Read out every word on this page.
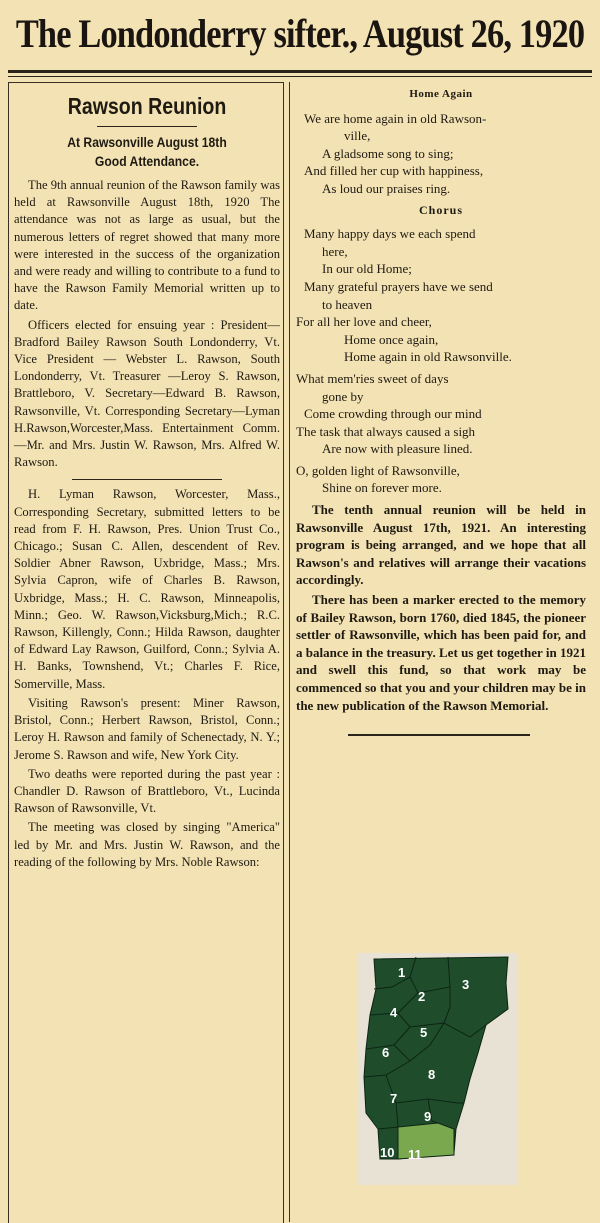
The Londonderry sifter., August 26, 1920
Rawson Reunion
At Rawsonville August 18th
Good Attendance.

The 9th annual reunion of the Rawson family was held at Rawsonville August 18th, 1920 The attendance was not as large as usual, but the numerous letters of regret showed that many more were interested in the success of the organization and were ready and willing to contribute to a fund to have the Rawson Family Memorial written up to date.

Officers elected for ensuing year : President—Bradford Bailey Rawson South Londonderry, Vt. Vice President — Webster L. Rawson, South Londonderry, Vt. Treasurer —Leroy S. Rawson, Brattleboro, V. Secretary—Edward B. Rawson, Rawsonville, Vt. Corresponding Secretary—Lyman H.Rawson,Worcester,Mass. Entertainment Comm. —Mr. and Mrs. Justin W. Rawson, Mrs. Alfred W. Rawson.

H. Lyman Rawson, Worcester, Mass., Corresponding Secretary, submitted letters to be read from F. H. Rawson, Pres. Union Trust Co., Chicago.; Susan C. Allen, descendent of Rev. Soldier Abner Rawson, Uxbridge, Mass.; Mrs. Sylvia Capron, wife of Charles B. Rawson, Uxbridge, Mass.; H. C. Rawson, Minneapolis, Minn.; Geo. W. Rawson,Vicksburg,Mich.; R.C. Rawson, Killengly, Conn.; Hilda Rawson, daughter of Edward Lay Rawson, Guilford, Conn.; Sylvia A. H. Banks, Townshend, Vt.; Charles F. Rice, Somerville, Mass.

Visiting Rawson's present: Miner Rawson, Bristol, Conn.; Herbert Rawson, Bristol, Conn.; Leroy H. Rawson and family of Schenectady, N. Y.; Jerome S. Rawson and wife, New York City.

Two deaths were reported during the past year : Chandler D. Rawson of Brattleboro, Vt., Lucinda Rawson of Rawsonville, Vt.

The meeting was closed by singing "America" led by Mr. and Mrs. Justin W. Rawson, and the reading of the following by Mrs. Noble Rawson:

Home Again
We are home again in old Rawson-
ville,
A gladsome song to sing;
And filled her cup with happiness,
As loud our praises ring.
Chorus
Many happy days we each spend
here,
In our old Home;
Many grateful prayers have we send
to heaven
For all her love and cheer,
Home once again,
Home again in old Rawsonville.
What mem'ries sweet of days
gone by
Come crowding through our mind
The task that always caused a sigh
Are now with pleasure lined.
O, golden light of Rawsonville,
Shine on forever more.

The tenth annual reunion will be held in Rawsonville August 17th, 1921. An interesting program is being arranged, and we hope that all Rawson's and relatives will arrange their vacations accordingly.

There has been a marker erected to the memory of Bailey Rawson, born 1760, died 1845, the pioneer settler of Rawsonville, which has been paid for, and a balance in the treasury. Let us get together in 1921 and swell this fund, so that work may be commenced so that you and your children may be in the new publication of the Rawson Memorial.

1
2
3
4
5
6
7
8
9
10 11
